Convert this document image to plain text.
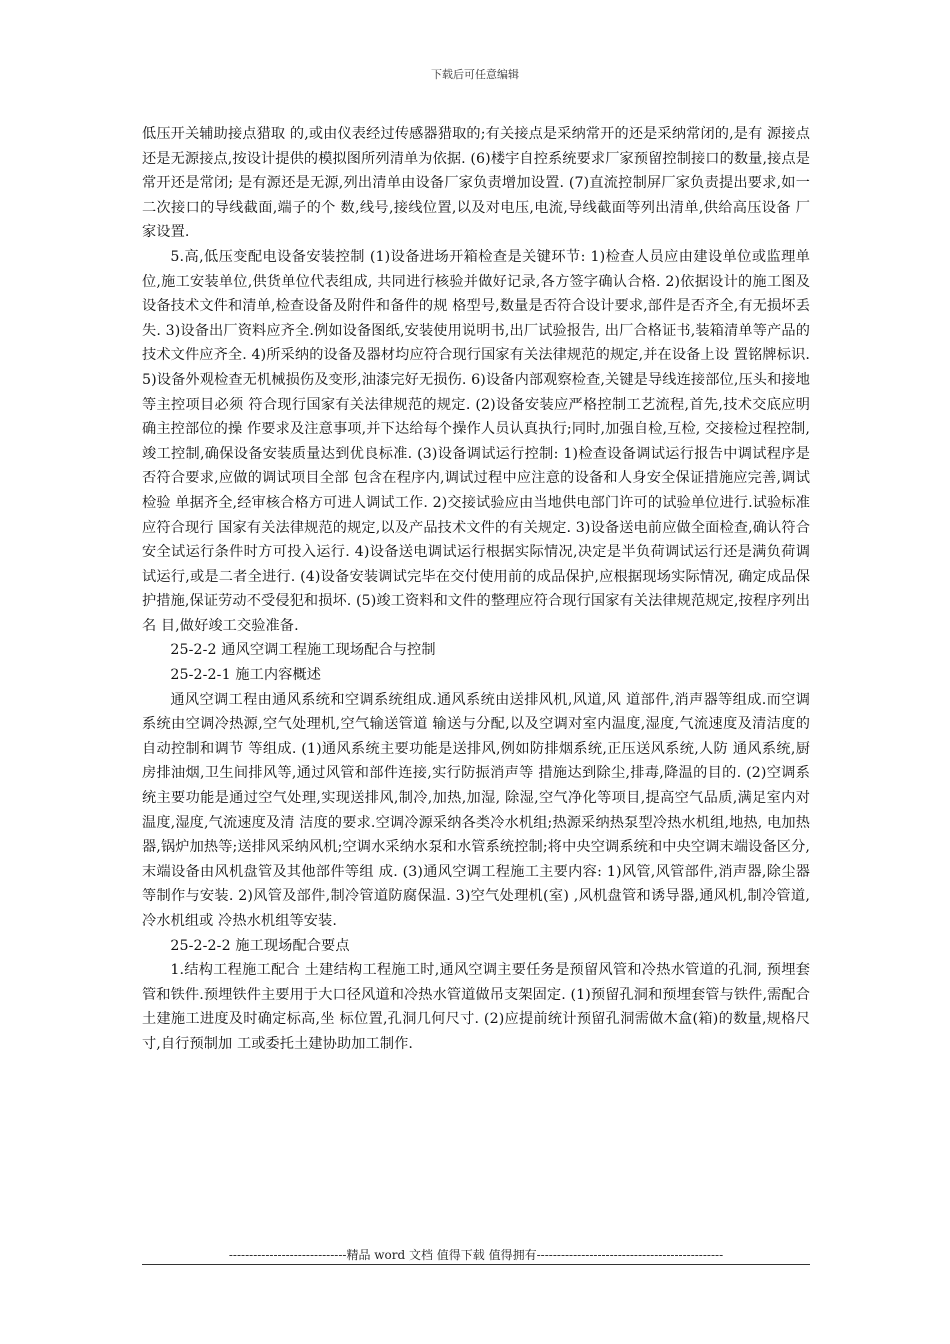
下载后可任意编辑

低压开关辅助接点猎取 的,或由仪表经过传感器猎取的;有关接点是采纳常开的还是采纳常闭的,是有 源接点还是无源接点,按设计提供的模拟图所列清单为依据. (6)楼宇自控系统要求厂家预留控制接口的数量,接点是常开还是常闭; 是有源还是无源,列出清单由设备厂家负责增加设置. (7)直流控制屏厂家负责提出要求,如一二次接口的导线截面,端子的个 数,线号,接线位置,以及对电压,电流,导线截面等列出清单,供给高压设备 厂家设置.

5.高,低压变配电设备安装控制 (1)设备进场开箱检查是关键环节: 1)检查人员应由建设单位或监理单位,施工安装单位,供货单位代表组成, 共同进行核验并做好记录,各方签字确认合格. 2)依据设计的施工图及设备技术文件和清单,检查设备及附件和备件的规 格型号,数量是否符合设计要求,部件是否齐全,有无损坏丢失. 3)设备出厂资料应齐全.例如设备图纸,安装使用说明书,出厂试验报告, 出厂合格证书,装箱清单等产品的技术文件应齐全. 4)所采纳的设备及器材均应符合现行国家有关法律规范的规定,并在设备上设 置铭牌标识. 5)设备外观检查无机械损伤及变形,油漆完好无损伤. 6)设备内部观察检查,关键是导线连接部位,压头和接地等主控项目必须 符合现行国家有关法律规范的规定. (2)设备安装应严格控制工艺流程,首先,技术交底应明确主控部位的操 作要求及注意事项,并下达给每个操作人员认真执行;同时,加强自检,互检, 交接检过程控制,竣工控制,确保设备安装质量达到优良标准. (3)设备调试运行控制: 1)检查设备调试运行报告中调试程序是否符合要求,应做的调试项目全部 包含在程序内,调试过程中应注意的设备和人身安全保证措施应完善,调试检验 单据齐全,经审核合格方可进人调试工作. 2)交接试验应由当地供电部门许可的试验单位进行.试验标准应符合现行 国家有关法律规范的规定,以及产品技术文件的有关规定. 3)设备送电前应做全面检查,确认符合安全试运行条件时方可投入运行. 4)设备送电调试运行根据实际情况,决定是半负荷调试运行还是满负荷调 试运行,或是二者全进行. (4)设备安装调试完毕在交付使用前的成品保护,应根据现场实际情况, 确定成品保护措施,保证劳动不受侵犯和损坏. (5)竣工资料和文件的整理应符合现行国家有关法律规范规定,按程序列出名 目,做好竣工交验准备.

25-2-2 通风空调工程施工现场配合与控制

25-2-2-1 施工内容概述

通风空调工程由通风系统和空调系统组成.通风系统由送排风机,风道,风 道部件,消声器等组成.而空调系统由空调冷热源,空气处理机,空气输送管道 输送与分配,以及空调对室内温度,湿度,气流速度及清洁度的自动控制和调节 等组成. (1)通风系统主要功能是送排风,例如防排烟系统,正压送风系统,人防 通风系统,厨房排油烟,卫生间排风等,通过风管和部件连接,实行防振消声等 措施达到除尘,排毒,降温的目的. (2)空调系统主要功能是通过空气处理,实现送排风,制冷,加热,加湿, 除湿,空气净化等项目,提高空气品质,满足室内对温度,湿度,气流速度及清 洁度的要求.空调冷源采纳各类冷水机组;热源采纳热泵型冷热水机组,地热, 电加热器,锅炉加热等;送排风采纳风机;空调水采纳水泵和水管系统控制;将中央空调系统和中央空调末端设备区分, 末端设备由风机盘管及其他部件等组 成. (3)通风空调工程施工主要内容: 1)风管,风管部件,消声器,除尘器等制作与安装. 2)风管及部件,制冷管道防腐保温. 3)空气处理机(室) ,风机盘管和诱导器,通风机,制冷管道,冷水机组或 冷热水机组等安装.

25-2-2-2 施工现场配合要点

1.结构工程施工配合 土建结构工程施工时,通风空调主要任务是预留风管和冷热水管道的孔洞, 预埋套管和铁件.预埋铁件主要用于大口径风道和冷热水管道做吊支架固定. (1)预留孔洞和预埋套管与铁件,需配合土建施工进度及时确定标高,坐 标位置,孔洞几何尺寸. (2)应提前统计预留孔洞需做木盒(箱)的数量,规格尺寸,自行预制加 工或委托土建协助加工制作.

-----------------------------精品 word 文档 值得下载 值得拥有----------------------------------------------
